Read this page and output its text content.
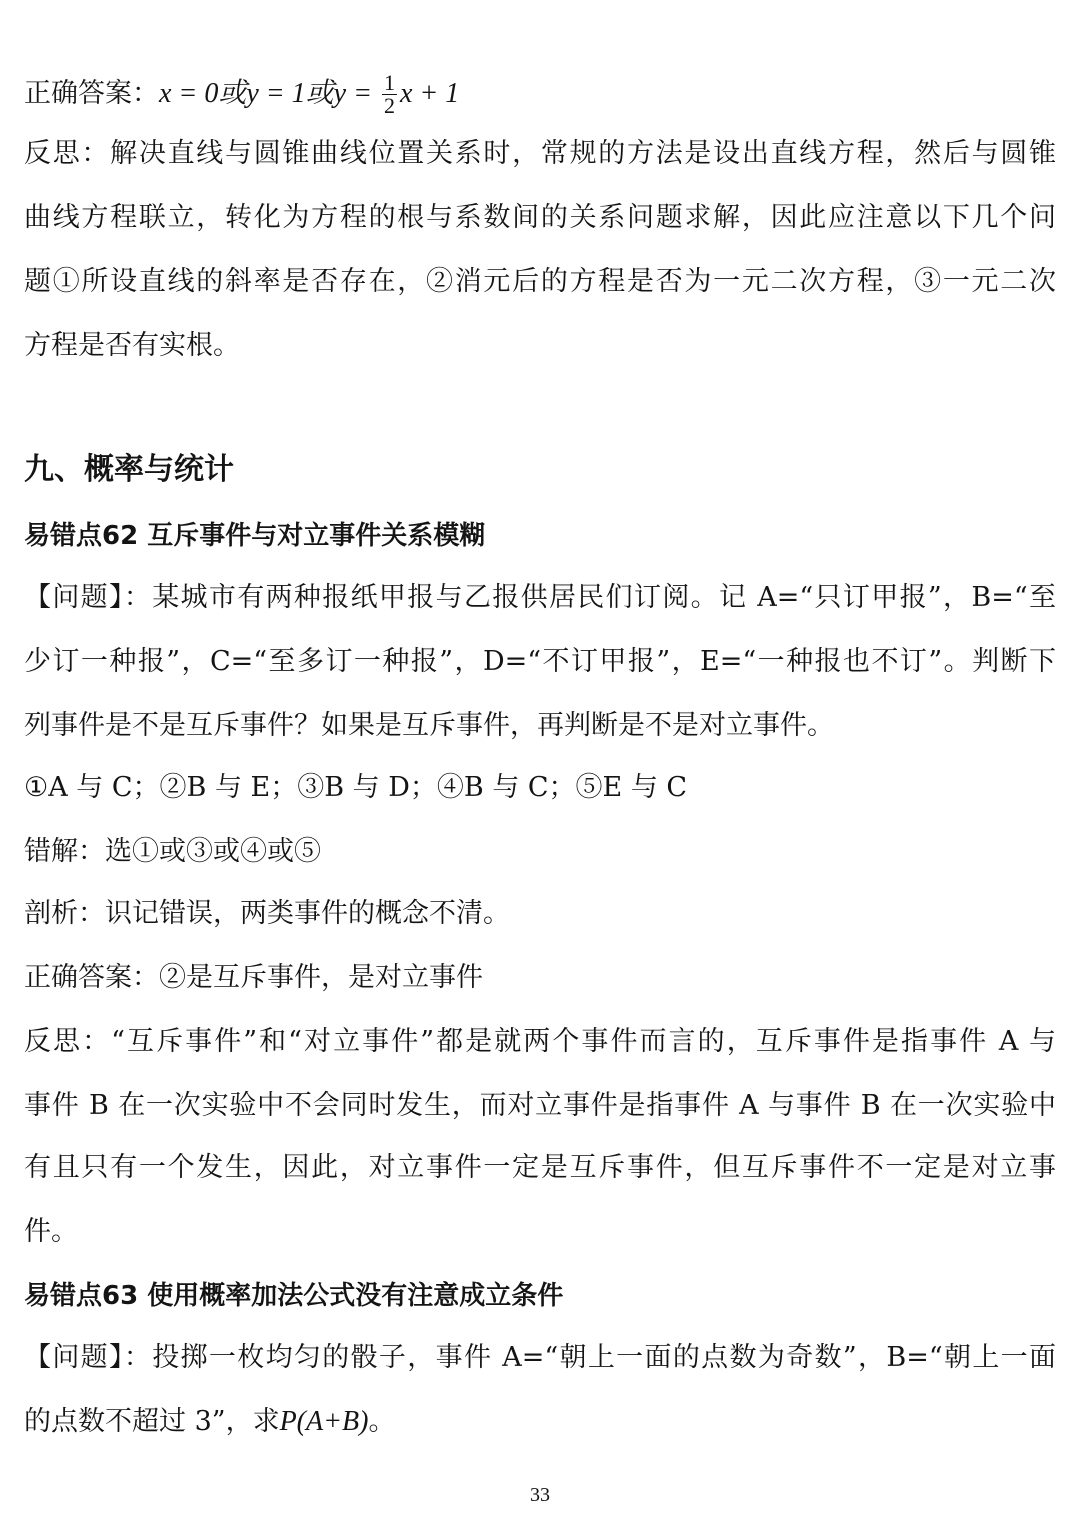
正确答案：x = 0或y = 1或$y = \frac{1}{2}$ x + 1
反思：解决直线与圆锥曲线位置关系时，常规的方法是设出直线方程，然后与圆锥
曲线方程联立，转化为方程的根与系数间的关系问题求解，因此应注意以下几个问
题①所设直线的斜率是否存在，②消元后的方程是否为一元二次方程，③一元二次
方程是否有实根。
九、概率与统计
易错点62 互斥事件与对立事件关系模糊
【问题】：某城市有两种报纸甲报与乙报供居民们订阅。记 A=“只订甲报”，B=“至
少订一种报”，C=“至多订一种报”，D=“不订甲报”，E=“一种报也不订”。判断下
列事件是不是互斥事件？如果是互斥事件，再判断是不是对立事件。
①A 与 C；②B 与 E；③B 与 D；④B 与 C；⑤E 与 C
错解：选①或③或④或⑤
剖析：识记错误，两类事件的概念不清。
正确答案：②是互斥事件，是对立事件
反思：“互斥事件”和“对立事件”都是就两个事件而言的，互斥事件是指事件 A 与
事件 B 在一次实验中不会同时发生，而对立事件是指事件 A 与事件 B 在一次实验中
有且只有一个发生，因此，对立事件一定是互斥事件，但互斥事件不一定是对立事
件。
易错点63 使用概率加法公式没有注意成立条件
【问题】：投掷一枚均匀的骰子，事件 A=“朝上一面的点数为奇数”，B=“朝上一面
的点数不超过 3”，求P(A+B)。
33
